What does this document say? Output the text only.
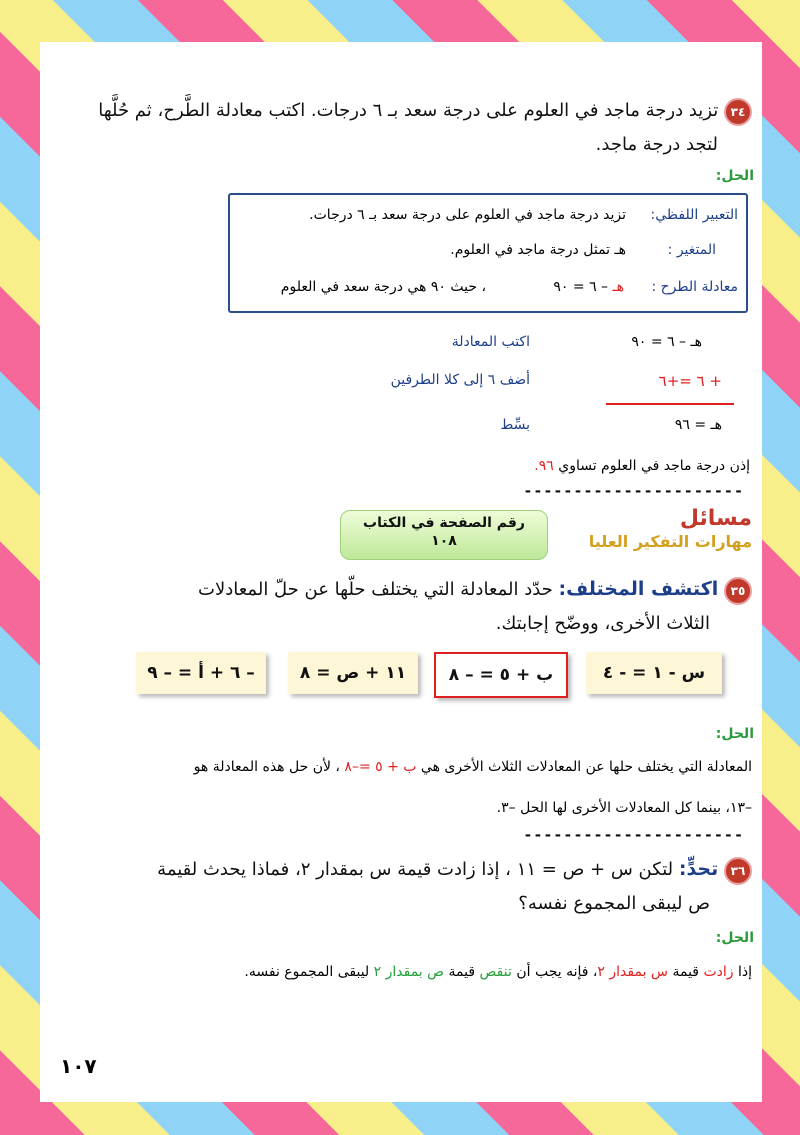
٣٤ تزيد درجة ماجد في العلوم على درجة سعد بـ ٦ درجات. اكتب معادلة الطَّرح، ثم حُلَّها
لتجد درجة ماجد.
الحل:
التعبير اللفظي:
تزيد درجة ماجد في العلوم على درجة سعد بـ ٦ درجات.
المتغير :
هـ تمثل درجة ماجد في العلوم.
معادلة الطرح :
هـ – ٦ = ٩٠
، حيث ٩٠ هي درجة سعد في العلوم
هـ – ٦ = ٩٠
اكتب المعادلة
+ ٦ =+٦
أضف ٦ إلى كلا الطرفين
هـ = ٩٦
بسِّط
إذن درجة ماجد في العلوم تساوي ٩٦.
----------------------
مسائل
مهارات التفكير العليا
رقم الصفحة في الكتاب
١٠٨
٣٥ اكتشف المختلف: حدّد المعادلة التي يختلف حلّها عن حلّ المعادلات
الثلاث الأخرى، ووضّح إجابتك.
س - ١ = - ٤
ب + ٥ = – ٨
١١ + ص = ٨
– ٦ + أ = – ٩
الحل:
المعادلة التي يختلف حلها عن المعادلات الثلاث الأخرى هي ب + ٥ =–٨ ، لأن حل هذه المعادلة هو
–١٣، بينما كل المعادلات الأخرى لها الحل –٣.
----------------------
٣٦ تحدٍّ: لتكن س + ص = ١١ ، إذا زادت قيمة س بمقدار ٢، فماذا يحدث لقيمة
ص ليبقى المجموع نفسه؟
الحل:
إذا زادت قيمة س بمقدار ٢، فإنه يجب أن تنقص قيمة ص بمقدار ٢ ليبقى المجموع نفسه.
١٠٧
